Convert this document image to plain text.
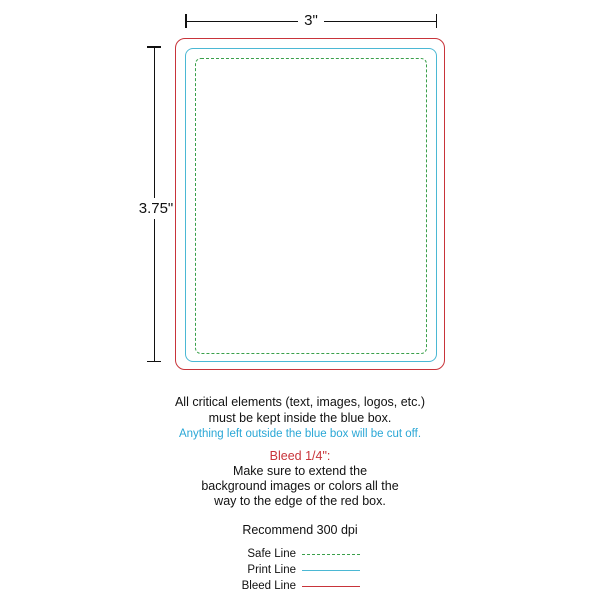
3"
3.75"
All critical elements (text, images, logos, etc.)
must be kept inside the blue box.
Anything left outside the blue box will be cut off.
Bleed 1/4":
Make sure to extend the
background images or colors all the
way to the edge of the red box.
Recommend 300 dpi
Safe Line
Print Line
Bleed Line
